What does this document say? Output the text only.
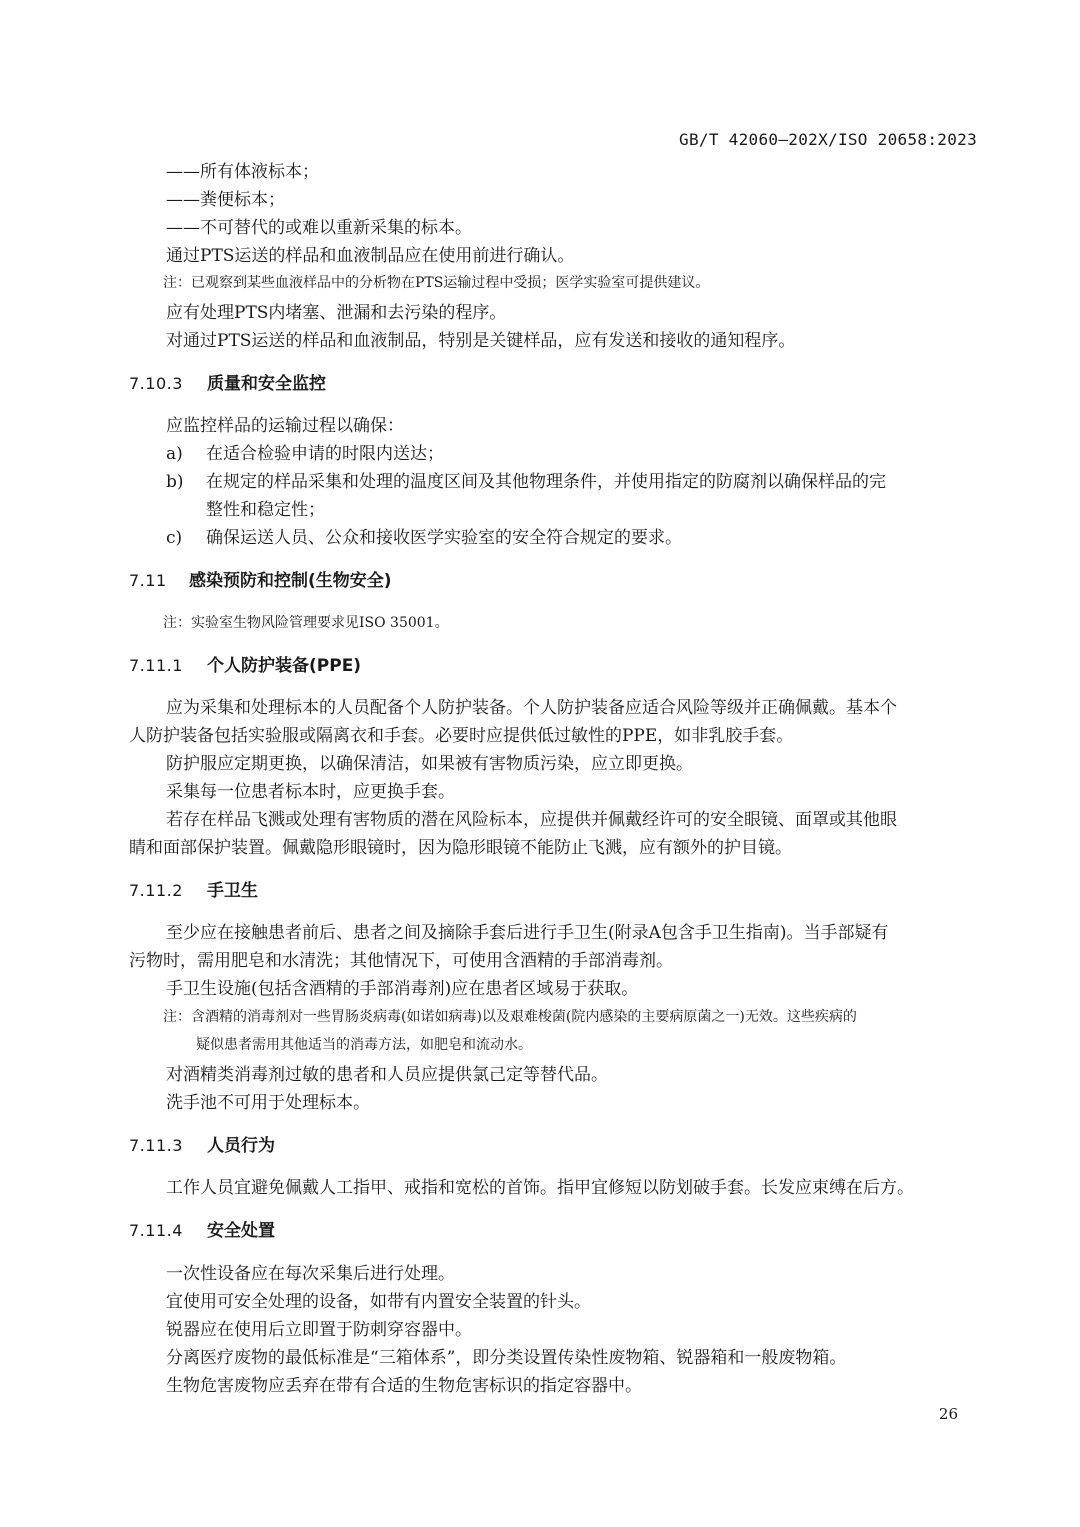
GB/T 42060—202X/ISO 20658:2023
——所有体液标本；
——粪便标本；
——不可替代的或难以重新采集的标本。
通过PTS运送的样品和血液制品应在使用前进行确认。
注：已观察到某些血液样品中的分析物在PTS运输过程中受损；医学实验室可提供建议。
应有处理PTS内堵塞、泄漏和去污染的程序。
对通过PTS运送的样品和血液制品，特别是关键样品，应有发送和接收的通知程序。
7.10.3 质量和安全监控
应监控样品的运输过程以确保：
a) 在适合检验申请的时限内送达；
b) 在规定的样品采集和处理的温度区间及其他物理条件，并使用指定的防腐剂以确保样品的完
整性和稳定性；
c) 确保运送人员、公众和接收医学实验室的安全符合规定的要求。
7.11 感染预防和控制(生物安全)
注：实验室生物风险管理要求见ISO 35001。
7.11.1 个人防护装备(PPE)
应为采集和处理标本的人员配备个人防护装备。个人防护装备应适合风险等级并正确佩戴。基本个
人防护装备包括实验服或隔离衣和手套。必要时应提供低过敏性的PPE，如非乳胶手套。
防护服应定期更换，以确保清洁，如果被有害物质污染，应立即更换。
采集每一位患者标本时，应更换手套。
若存在样品飞溅或处理有害物质的潜在风险标本，应提供并佩戴经许可的安全眼镜、面罩或其他眼
睛和面部保护装置。佩戴隐形眼镜时，因为隐形眼镜不能防止飞溅，应有额外的护目镜。
7.11.2 手卫生
至少应在接触患者前后、患者之间及摘除手套后进行手卫生(附录A包含手卫生指南)。当手部疑有
污物时，需用肥皂和水清洗；其他情况下，可使用含酒精的手部消毒剂。
手卫生设施(包括含酒精的手部消毒剂)应在患者区域易于获取。
注：含酒精的消毒剂对一些胃肠炎病毒(如诺如病毒)以及艰难梭菌(院内感染的主要病原菌之一)无效。这些疾病的
疑似患者需用其他适当的消毒方法，如肥皂和流动水。
对酒精类消毒剂过敏的患者和人员应提供氯己定等替代品。
洗手池不可用于处理标本。
7.11.3 人员行为
工作人员宜避免佩戴人工指甲、戒指和宽松的首饰。指甲宜修短以防划破手套。长发应束缚在后方。
7.11.4 安全处置
一次性设备应在每次采集后进行处理。
宜使用可安全处理的设备，如带有内置安全装置的针头。
锐器应在使用后立即置于防刺穿容器中。
分离医疗废物的最低标准是“三箱体系”，即分类设置传染性废物箱、锐器箱和一般废物箱。
生物危害废物应丢弃在带有合适的生物危害标识的指定容器中。
26
